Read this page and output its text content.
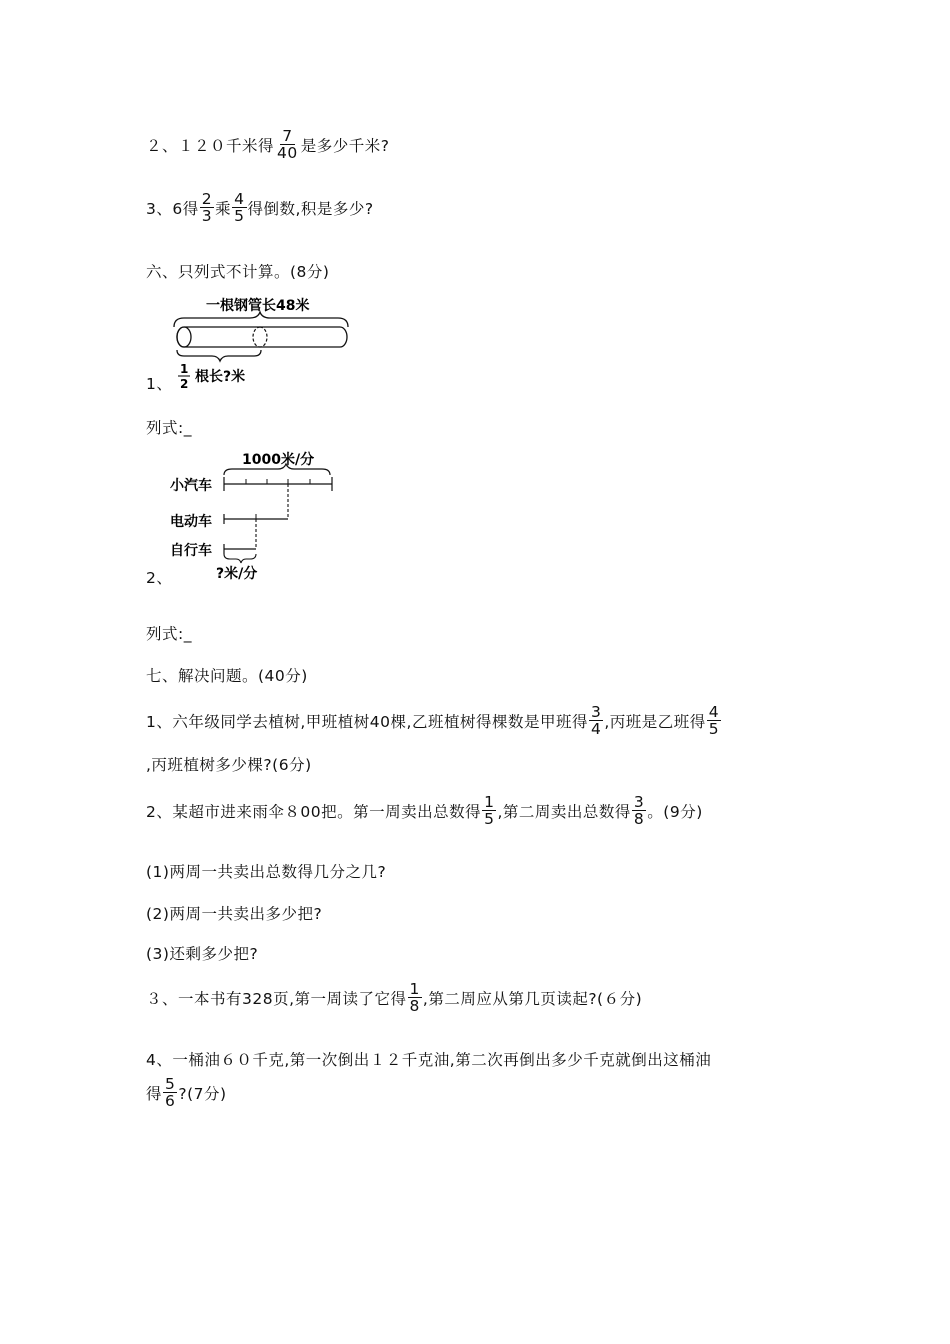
２、１２０千米得 $\frac{7}{40}$ 是多少千米?
3、6得 $\frac{2}{3}$ 乘 $\frac{4}{5}$ 得倒数,积是多少?
六、只列式不计算。(8分)
一根钢管长48米
1
2 根长?米
1、
列式:_
1000米/分
小汽车
电动车
自行车
?米/分
2、
列式:_
七、解决问题。(40分)
1、六年级同学去植树,甲班植树40棵,乙班植树得棵数是甲班得 $\frac{3}{4}$ ,丙班是乙班得 $\frac{4}{5}$
,丙班植树多少棵?(6分)
2、某超市进来雨伞８00把。第一周卖出总数得 $\frac{1}{5}$ ,第二周卖出总数得 $\frac{3}{8}$ 。(9分)
(1)两周一共卖出总数得几分之几?
(2)两周一共卖出多少把?
(3)还剩多少把?
３、一本书有328页,第一周读了它得 $\frac{1}{8}$ ,第二周应从第几页读起?(６分)
4、一桶油６０千克,第一次倒出１２千克油,第二次再倒出多少千克就倒出这桶油
得 $\frac{5}{6}$ ?(7分)
